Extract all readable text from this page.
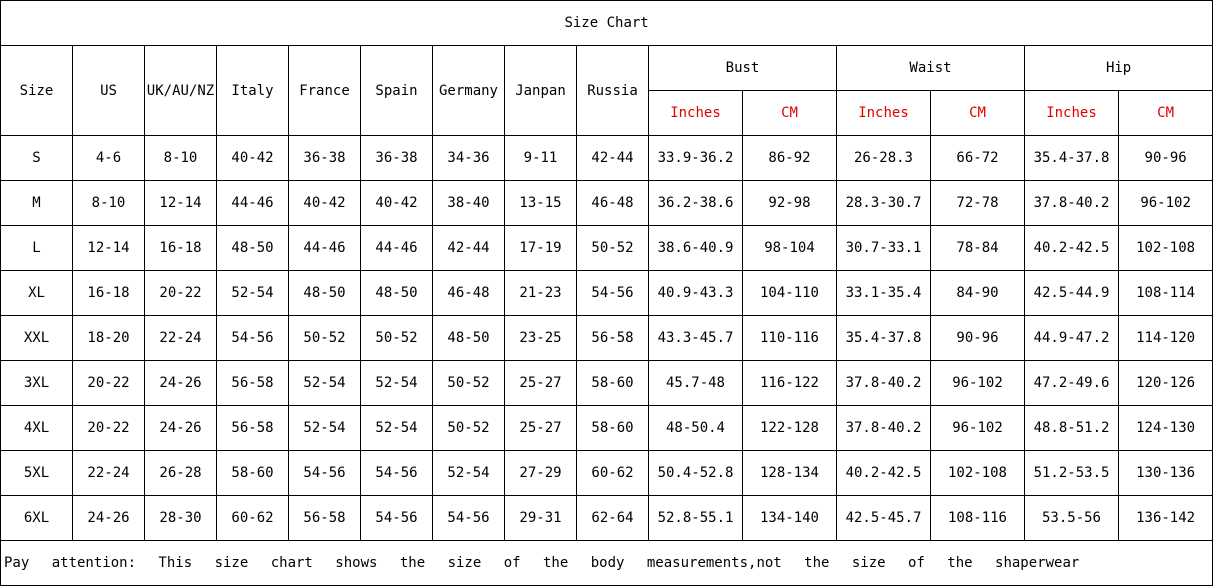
Size Chart														
Size	US	UK/AU/NZ	Italy	France	Spain	Germany	Janpan	Russia	Bust		Waist		Hip	
									Inches	CM	Inches	CM	Inches	CM
S	4-6	8-10	40-42	36-38	36-38	34-36	9-11	42-44	33.9-36.2	86-92	26-28.3	66-72	35.4-37.8	90-96
M	8-10	12-14	44-46	40-42	40-42	38-40	13-15	46-48	36.2-38.6	92-98	28.3-30.7	72-78	37.8-40.2	96-102
L	12-14	16-18	48-50	44-46	44-46	42-44	17-19	50-52	38.6-40.9	98-104	30.7-33.1	78-84	40.2-42.5	102-108
XL	16-18	20-22	52-54	48-50	48-50	46-48	21-23	54-56	40.9-43.3	104-110	33.1-35.4	84-90	42.5-44.9	108-114
XXL	18-20	22-24	54-56	50-52	50-52	48-50	23-25	56-58	43.3-45.7	110-116	35.4-37.8	90-96	44.9-47.2	114-120
3XL	20-22	24-26	56-58	52-54	52-54	50-52	25-27	58-60	45.7-48	116-122	37.8-40.2	96-102	47.2-49.6	120-126
4XL	20-22	24-26	56-58	52-54	52-54	50-52	25-27	58-60	48-50.4	122-128	37.8-40.2	96-102	48.8-51.2	124-130
5XL	22-24	26-28	58-60	54-56	54-56	52-54	27-29	60-62	50.4-52.8	128-134	40.2-42.5	102-108	51.2-53.5	130-136
6XL	24-26	28-30	60-62	56-58	54-56	54-56	29-31	62-64	52.8-55.1	134-140	42.5-45.7	108-116	53.5-56	136-142
Pay attention: This size chart shows the size of the body measurements,not the size of the shaperwear														
